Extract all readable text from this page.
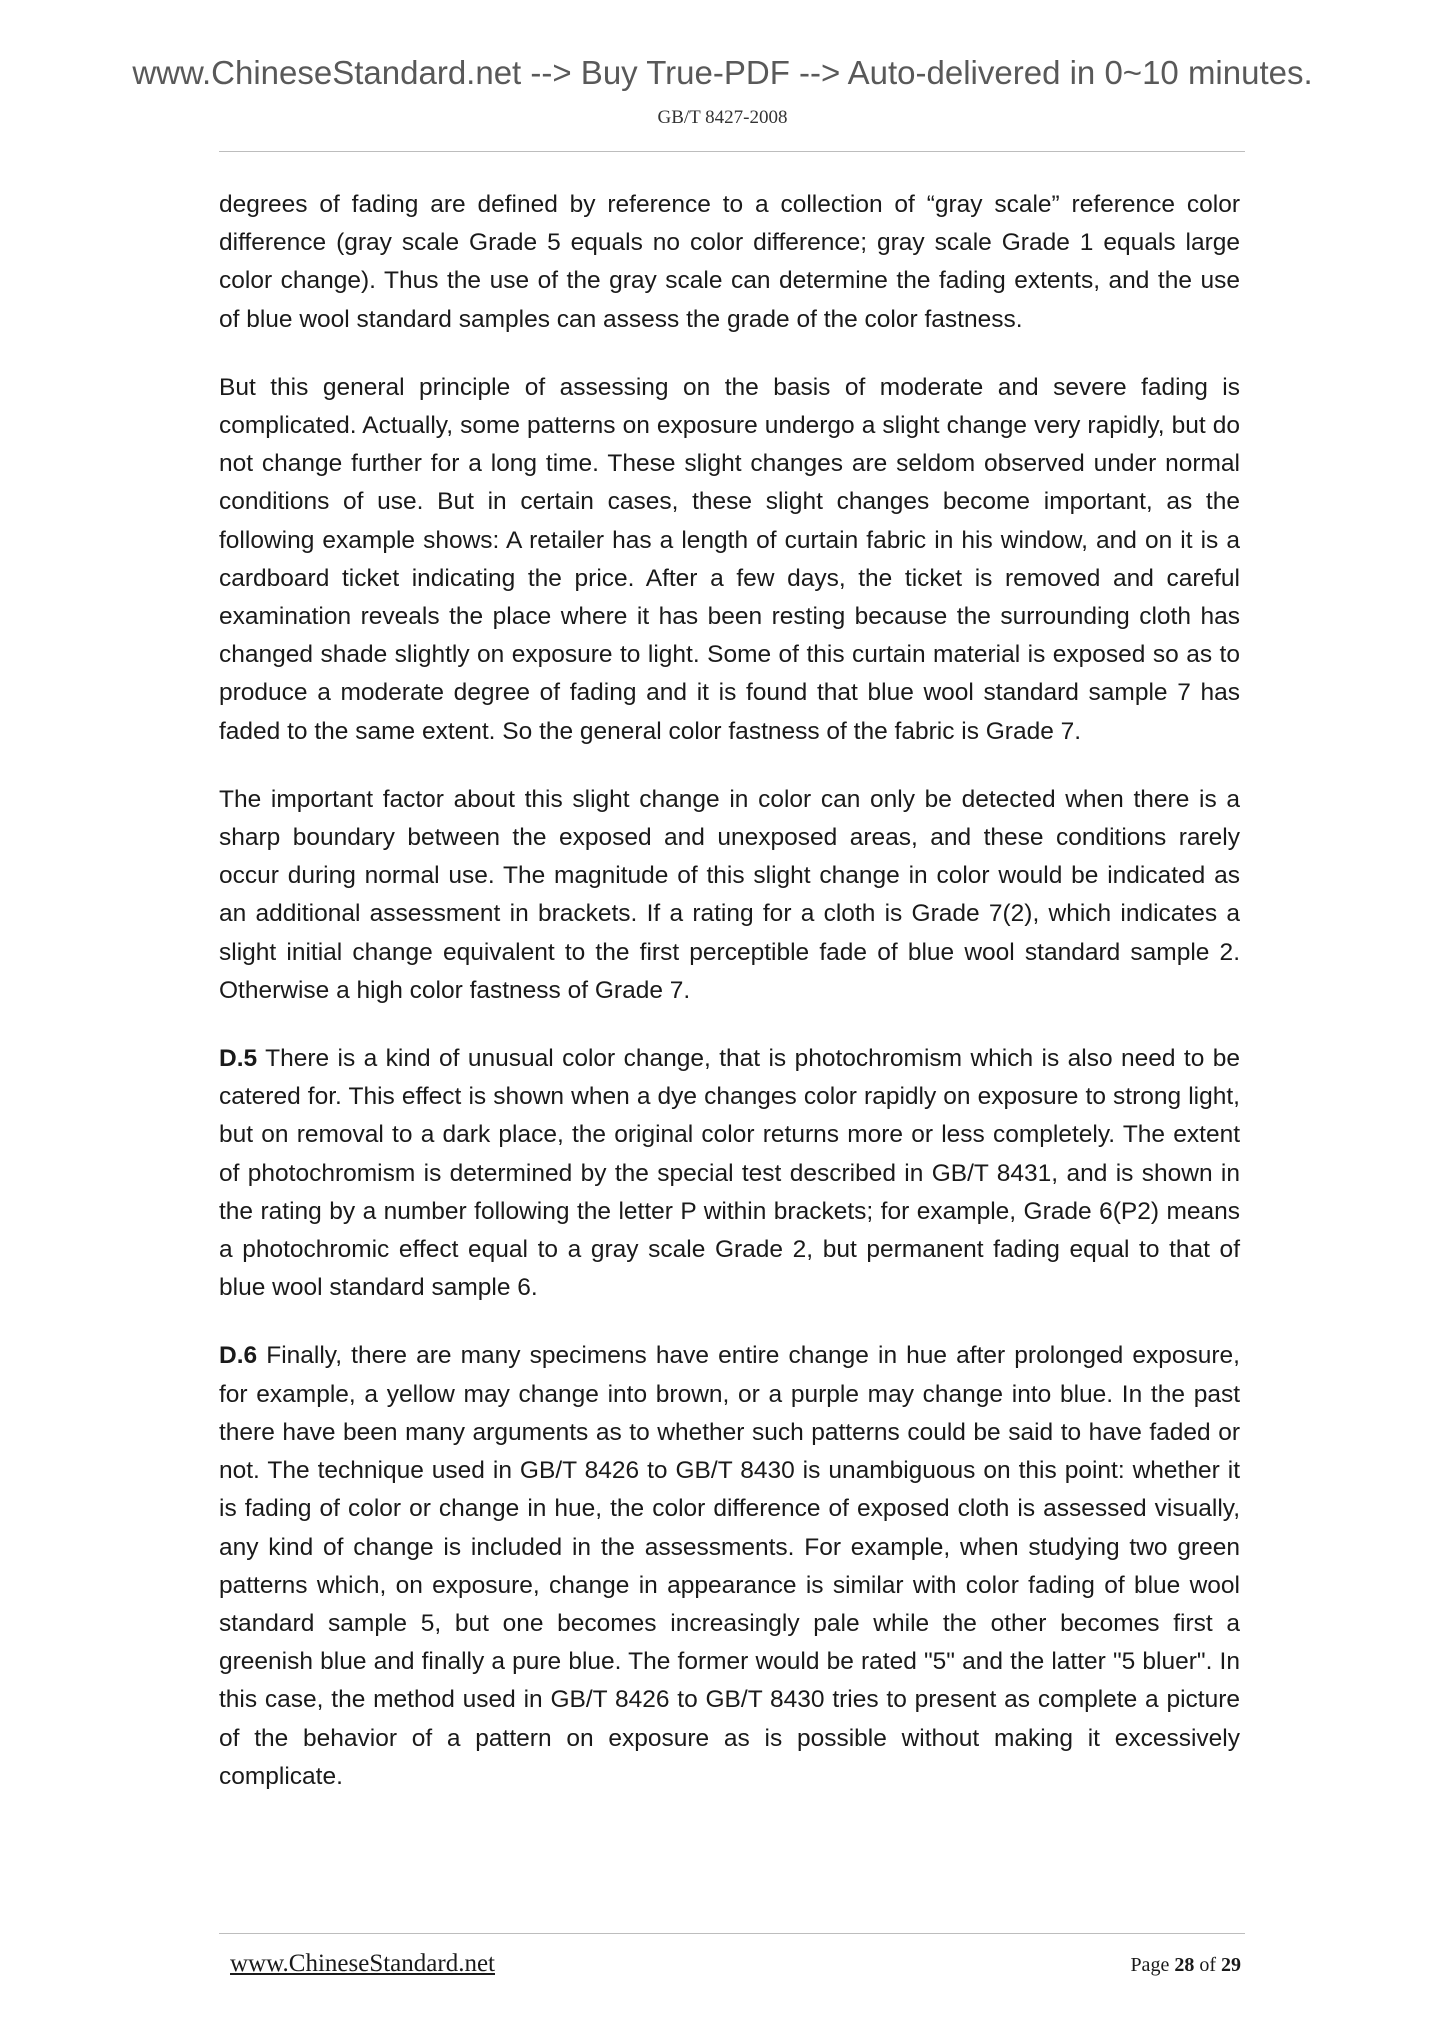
www.ChineseStandard.net --> Buy True-PDF --> Auto-delivered in 0~10 minutes.
GB/T 8427-2008

degrees of fading are defined by reference to a collection of “gray scale” reference color difference (gray scale Grade 5 equals no color difference; gray scale Grade 1 equals large color change). Thus the use of the gray scale can determine the fading extents, and the use of blue wool standard samples can assess the grade of the color fastness.

But this general principle of assessing on the basis of moderate and severe fading is complicated. Actually, some patterns on exposure undergo a slight change very rapidly, but do not change further for a long time. These slight changes are seldom observed under normal conditions of use. But in certain cases, these slight changes become important, as the following example shows: A retailer has a length of curtain fabric in his window, and on it is a cardboard ticket indicating the price. After a few days, the ticket is removed and careful examination reveals the place where it has been resting because the surrounding cloth has changed shade slightly on exposure to light. Some of this curtain material is exposed so as to produce a moderate degree of fading and it is found that blue wool standard sample 7 has faded to the same extent. So the general color fastness of the fabric is Grade 7.

The important factor about this slight change in color can only be detected when there is a sharp boundary between the exposed and unexposed areas, and these conditions rarely occur during normal use. The magnitude of this slight change in color would be indicated as an additional assessment in brackets. If a rating for a cloth is Grade 7(2), which indicates a slight initial change equivalent to the first perceptible fade of blue wool standard sample 2. Otherwise a high color fastness of Grade 7.

D.5 There is a kind of unusual color change, that is photochromism which is also need to be catered for. This effect is shown when a dye changes color rapidly on exposure to strong light, but on removal to a dark place, the original color returns more or less completely. The extent of photochromism is determined by the special test described in GB/T 8431, and is shown in the rating by a number following the letter P within brackets; for example, Grade 6(P2) means a photochromic effect equal to a gray scale Grade 2, but permanent fading equal to that of blue wool standard sample 6.

D.6 Finally, there are many specimens have entire change in hue after prolonged exposure, for example, a yellow may change into brown, or a purple may change into blue. In the past there have been many arguments as to whether such patterns could be said to have faded or not. The technique used in GB/T 8426 to GB/T 8430 is unambiguous on this point: whether it is fading of color or change in hue, the color difference of exposed cloth is assessed visually, any kind of change is included in the assessments. For example, when studying two green patterns which, on exposure, change in appearance is similar with color fading of blue wool standard sample 5, but one becomes increasingly pale while the other becomes first a greenish blue and finally a pure blue. The former would be rated "5" and the latter "5 bluer". In this case, the method used in GB/T 8426 to GB/T 8430 tries to present as complete a picture of the behavior of a pattern on exposure as is possible without making it excessively complicate.

www.ChineseStandard.net	Page 28 of 29
